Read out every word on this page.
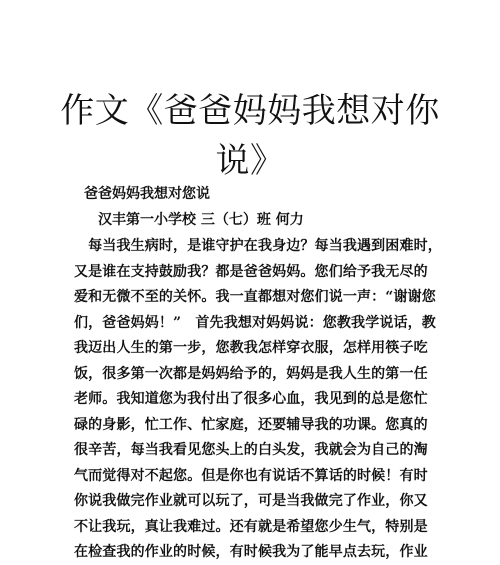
作文《爸爸妈妈我想对你说》

爸爸妈妈我想对您说

汉丰第一小学校 三（七）班 何力

　每当我生病时，是谁守护在我身边？每当我遇到困难时，
又是谁在支持鼓励我？都是爸爸妈妈。您们给予我无尽的
爱和无微不至的关怀。我一直都想对您们说一声：“谢谢您
们，爸爸妈妈！”　首先我想对妈妈说：您教我学说话，教
我迈出人生的第一步，您教我怎样穿衣服，怎样用筷子吃
饭，很多第一次都是妈妈给予的，妈妈是我人生的第一任
老师。我知道您为我付出了很多心血，我见到的总是您忙
碌的身影，忙工作、忙家庭，还要辅导我的功课。您真的
很辛苦，每当我看见您头上的白头发，我就会为自己的淘
气而觉得对不起您。但是你也有说话不算话的时候！有时
你说我做完作业就可以玩了，可是当我做完了作业，你又
不让我玩，真让我难过。还有就是希望您少生气，特别是
在检查我的作业的时候，有时候我为了能早点去玩，作业
